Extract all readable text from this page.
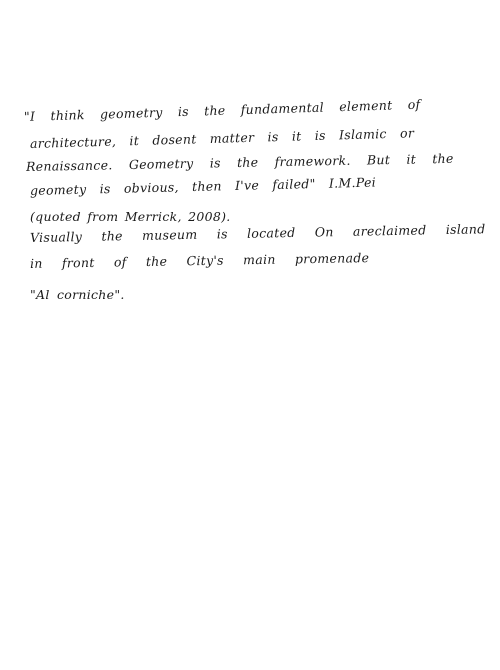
"I think geometry is the fundamental element of

architecture, it dosent matter is it is Islamic or

Renaissance. Geometry is the framework. But it the

geomety is obvious, then I've failed" I.M.Pei

(quoted from Merrick, 2008).

Visually the museum is located On areclaimed island

in front of the City's main promenade

"Al corniche".
